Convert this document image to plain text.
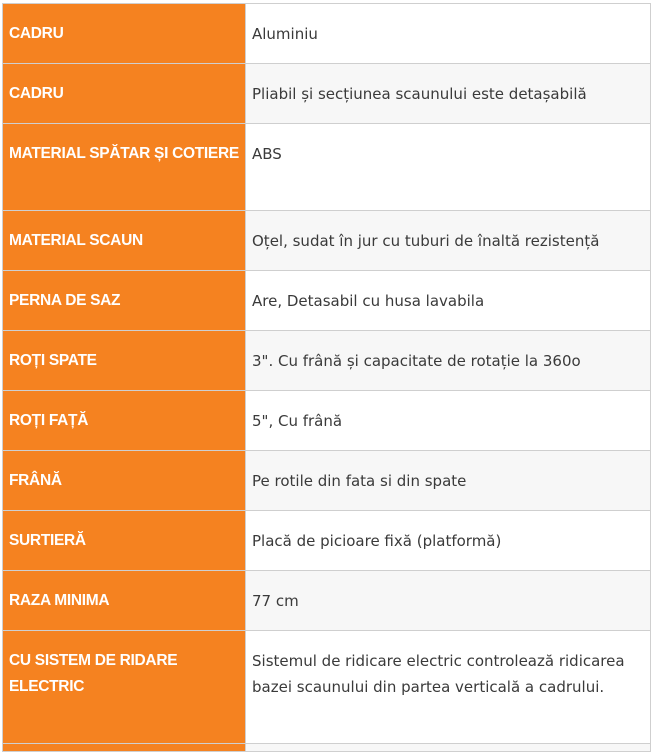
CADRU	Aluminiu
CADRU	Pliabil și secțiunea scaunului este detașabilă
MATERIAL SPĂTAR ȘI COTIERE	ABS
MATERIAL SCAUN	Oțel, sudat în jur cu tuburi de înaltă rezistență
PERNA DE SAZ	Are, Detasabil cu husa lavabila
ROȚI SPATE	3". Cu frână și capacitate de rotație la 360o
ROȚI FAȚĂ	5", Cu frână
FRÂNĂ	Pe rotile din fata si din spate
SURTIERĂ	Placă de picioare fixă (platformă)
RAZA MINIMA	77 cm
CU SISTEM DE RIDARE ELECTRIC	Sistemul de ridicare electric controlează ridicarea bazei scaunului din partea verticală a cadrului.
